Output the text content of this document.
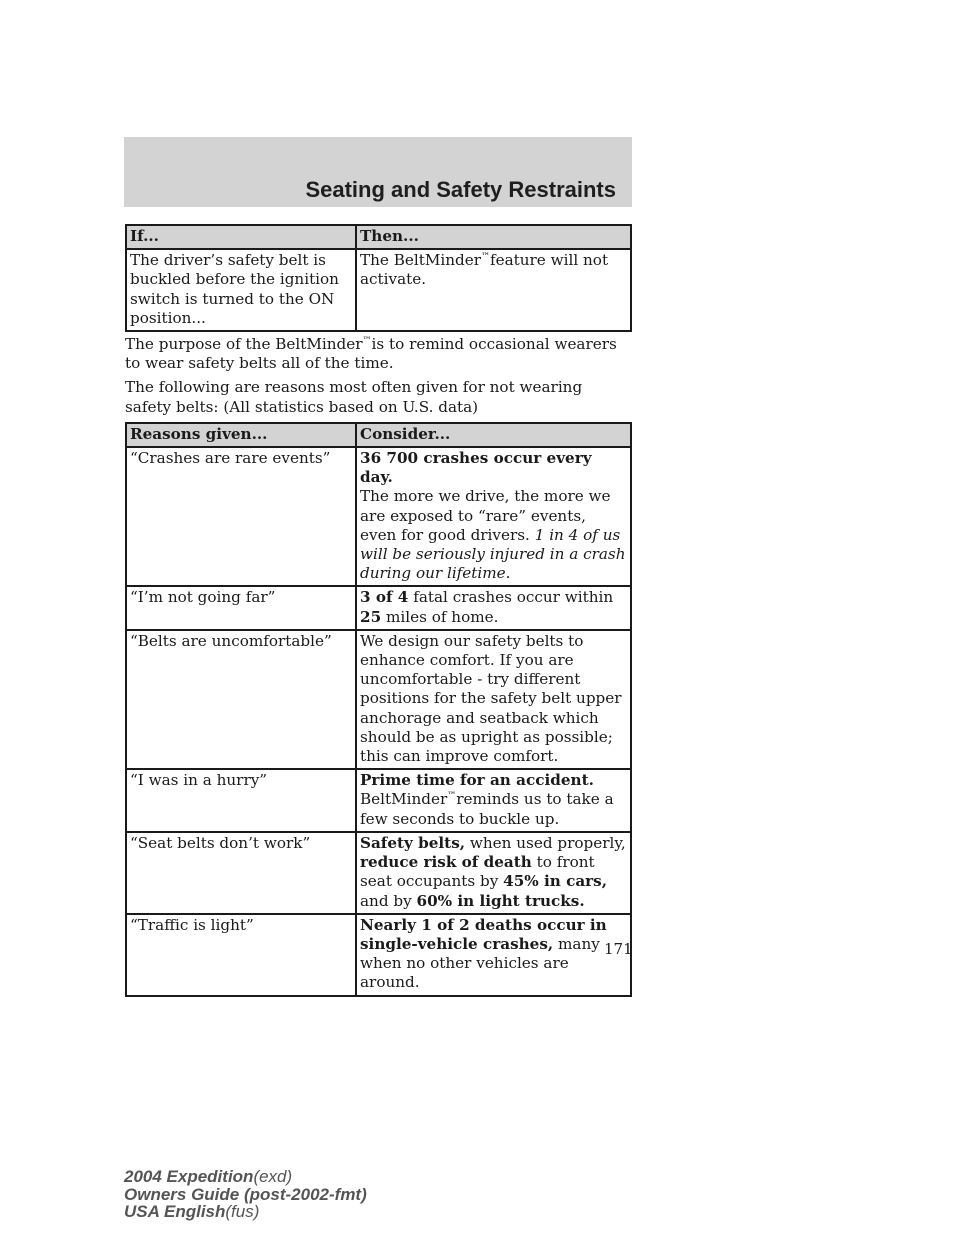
Seating and Safety Restraints
If...	Then...
The driver’s safety belt is buckled before the ignition switch is turned to the ON position...	The BeltMinder™feature will not activate.

The purpose of the BeltMinder™is to remind occasional wearers to wear safety belts all of the time.

The following are reasons most often given for not wearing safety belts: (All statistics based on U.S. data)

Reasons given...	Consider...
“Crashes are rare events”	36 700 crashes occur every day.
The more we drive, the more we are exposed to “rare” events, even for good drivers. 1 in 4 of us will be seriously injured in a crash during our lifetime.
“I’m not going far”	3 of 4 fatal crashes occur within 25 miles of home.
“Belts are uncomfortable”	We design our safety belts to enhance comfort. If you are uncomfortable - try different positions for the safety belt upper anchorage and seatback which should be as upright as possible; this can improve comfort.
“I was in a hurry”	Prime time for an accident.
BeltMinder™reminds us to take a few seconds to buckle up.
“Seat belts don’t work”	Safety belts, when used properly, reduce risk of death to front seat occupants by 45% in cars, and by 60% in light trucks.
“Traffic is light”	Nearly 1 of 2 deaths occur in single-vehicle crashes, many when no other vehicles are around.
171
2004 Expedition(exd)
Owners Guide (post-2002-fmt)
USA English(fus)
